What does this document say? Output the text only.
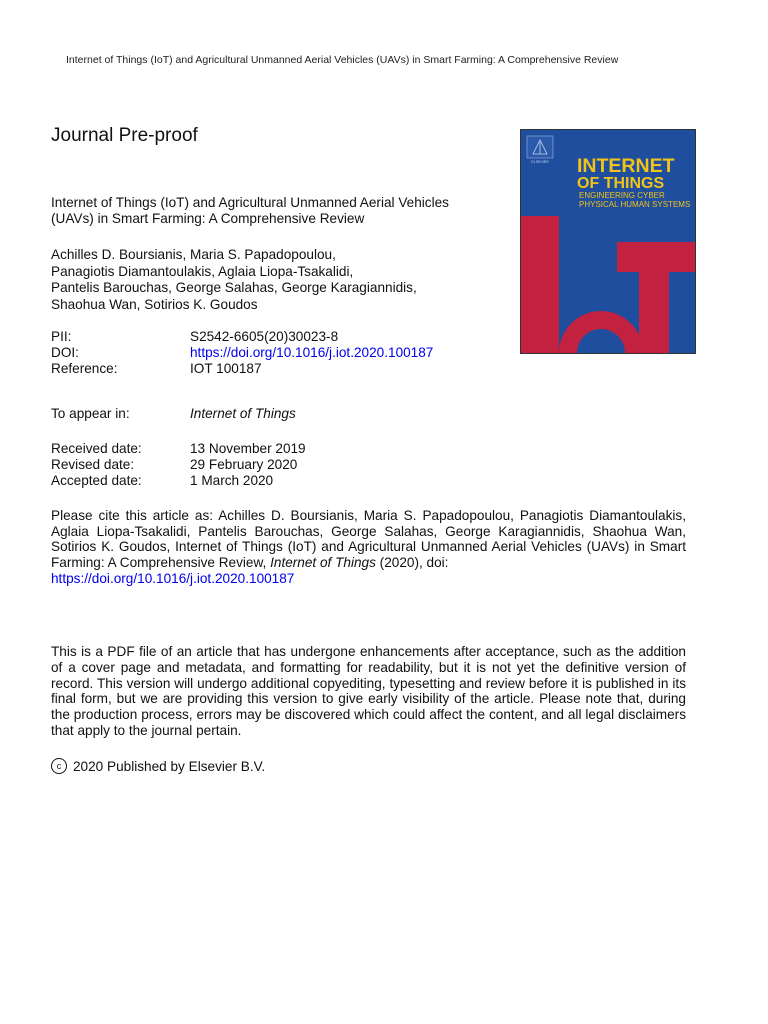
Internet of Things (IoT) and Agricultural Unmanned Aerial Vehicles (UAVs) in Smart Farming: A Comprehensive Review
Journal Pre-proof
Internet of Things (IoT) and Agricultural Unmanned Aerial Vehicles
(UAVs) in Smart Farming: A Comprehensive Review
Achilles D. Boursianis, Maria S. Papadopoulou,
Panagiotis Diamantoulakis, Aglaia Liopa-Tsakalidi,
Pantelis Barouchas, George Salahas, George Karagiannidis,
Shaohua Wan, Sotirios K. Goudos
PII:	S2542-6605(20)30023-8
DOI:	https://doi.org/10.1016/j.iot.2020.100187
Reference:	IOT 100187
To appear in:	Internet of Things
Received date:	13 November 2019
Revised date:	29 February 2020
Accepted date:	1 March 2020
Please cite this article as: Achilles D. Boursianis, Maria S. Papadopoulou, Panagiotis Diamantoulakis, Aglaia Liopa-Tsakalidi, Pantelis Barouchas, George Salahas, George Karagiannidis, Shaohua Wan, Sotirios K. Goudos, Internet of Things (IoT) and Agricultural Unmanned Aerial Vehicles (UAVs) in Smart Farming: A Comprehensive Review, Internet of Things (2020), doi:
https://doi.org/10.1016/j.iot.2020.100187
This is a PDF file of an article that has undergone enhancements after acceptance, such as the addition of a cover page and metadata, and formatting for readability, but it is not yet the definitive version of record. This version will undergo additional copyediting, typesetting and review before it is published in its final form, but we are providing this version to give early visibility of the article. Please note that, during the production process, errors may be discovered which could affect the content, and all legal disclaimers that apply to the journal pertain.
c 2020 Published by Elsevier B.V.
ELSEVIER INTERNET
OF THINGS
ENGINEERING CYBER
PHYSICAL HUMAN SYSTEMS
